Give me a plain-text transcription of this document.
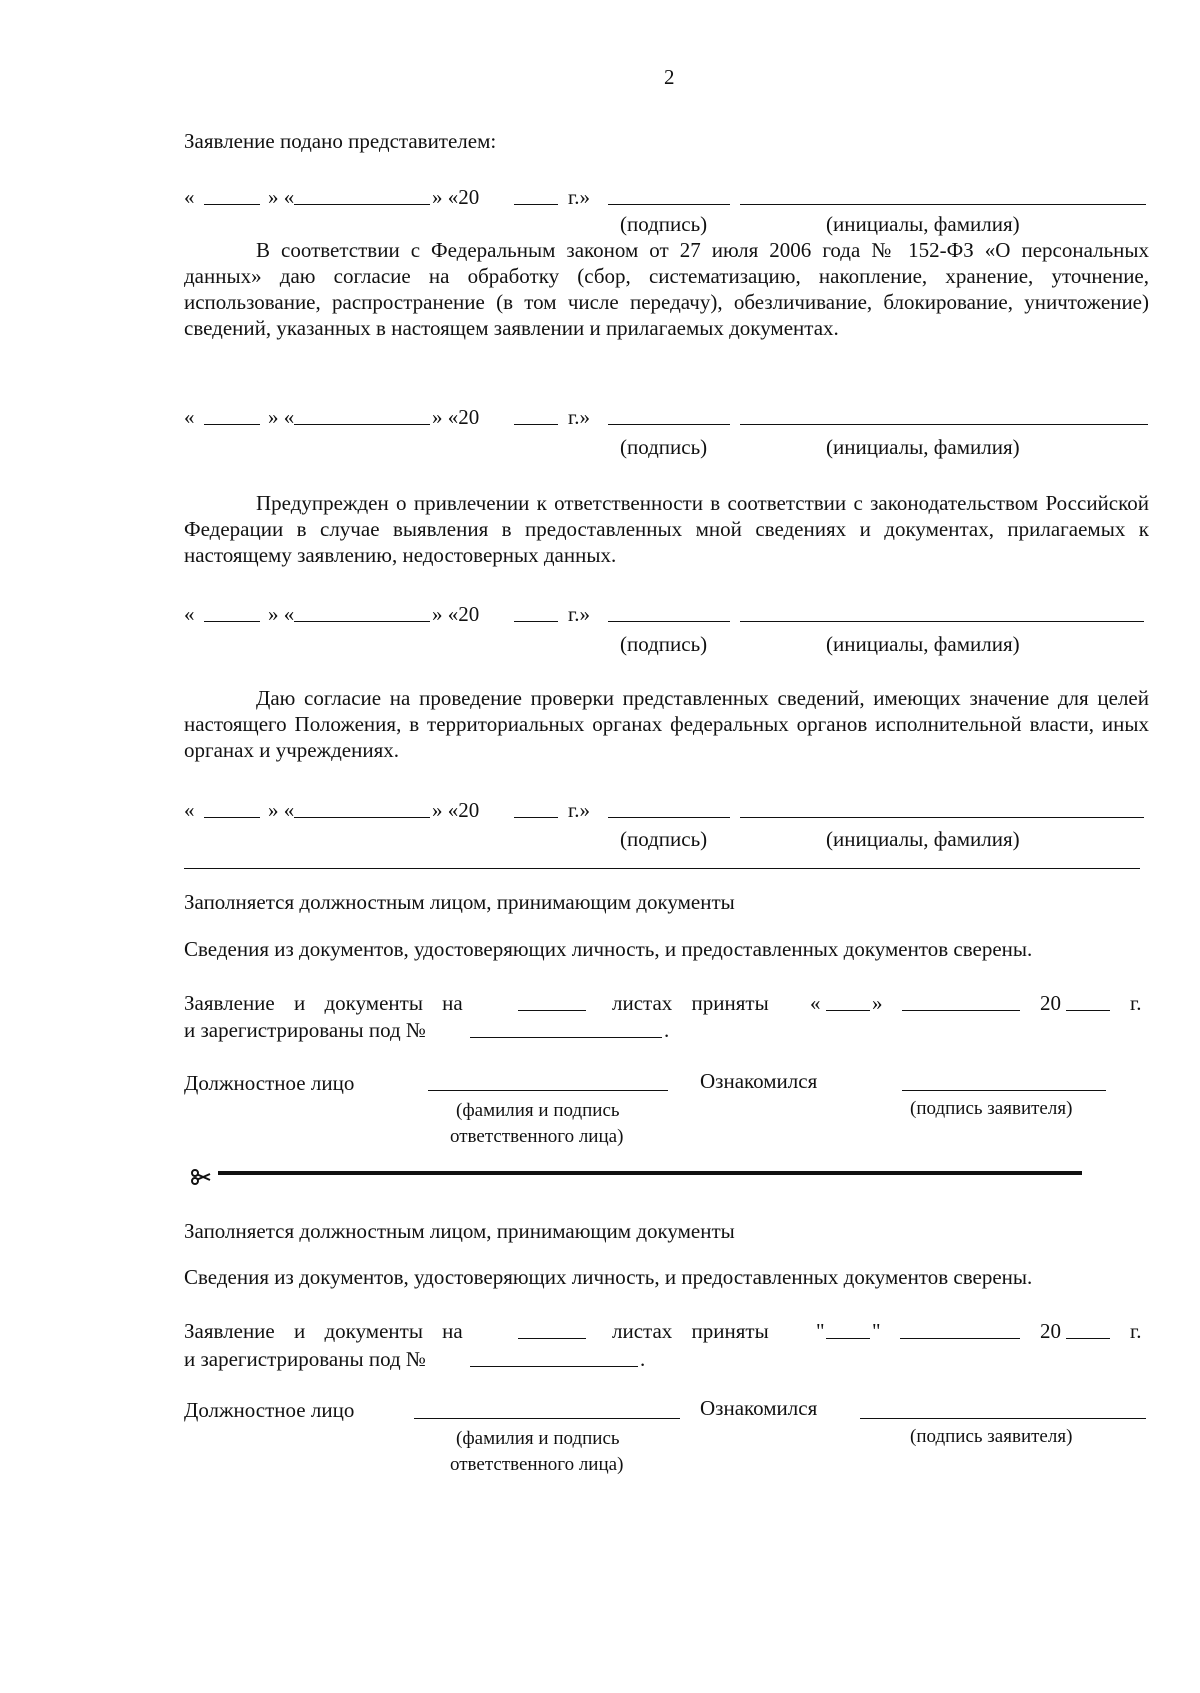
2
Заявление подано представителем:
«	» «	» «20	г.»
(подпись)	(инициалы, фамилия)
В соответствии с Федеральным законом от 27 июля 2006 года № 152-ФЗ «О персональных данных» даю согласие на обработку (сбор, систематизацию, накопление, хранение, уточнение, использование, распространение (в том числе передачу), обезличивание, блокирование, уничтожение) сведений, указанных в настоящем заявлении и прилагаемых документах.
«	» «	» «20	г.»
(подпись)	(инициалы, фамилия)
Предупрежден о привлечении к ответственности в соответствии с законодательством Российской Федерации в случае выявления в предоставленных мной сведениях и документах, прилагаемых к настоящему заявлению, недостоверных данных.
«	» «	» «20	г.»
(подпись)	(инициалы, фамилия)
Даю согласие на проведение проверки представленных сведений, имеющих значение для целей настоящего Положения, в территориальных органах федеральных органов исполнительной власти, иных органах и учреждениях.
«	» «	» «20	г.»
(подпись)	(инициалы, фамилия)
Заполняется должностным лицом, принимающим документы
Сведения из документов, удостоверяющих личность, и предоставленных документов сверены.
Заявление и документы на	листах приняты « »	20	г.
и зарегистрированы под №	.
Должностное лицо	Ознакомился
(фамилия и подпись
ответственного лица)
(подпись заявителя)
Заполняется должностным лицом, принимающим документы
Сведения из документов, удостоверяющих личность, и предоставленных документов сверены.
Заявление и документы на	листах приняты " "	20	г.
и зарегистрированы под №	.
Должностное лицо	Ознакомился
(фамилия и подпись
ответственного лица)
(подпись заявителя)
